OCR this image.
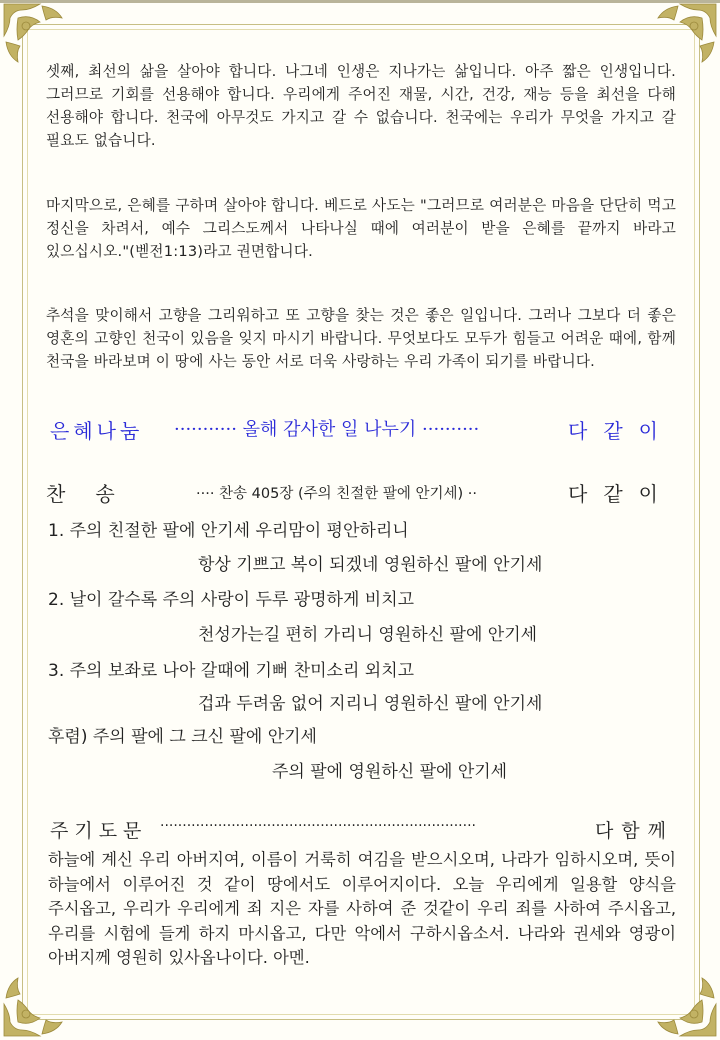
셋째, 최선의 삶을 살아야 합니다. 나그네 인생은 지나가는 삶입니다. 아주 짧은 인생입니다. 그러므로 기회를 선용해야 합니다. 우리에게 주어진 재물, 시간, 건강, 재능 등을 최선을 다해 선용해야 합니다. 천국에 아무것도 가지고 갈 수 없습니다. 천국에는 우리가 무엇을 가지고 갈 필요도 없습니다.

마지막으로, 은혜를 구하며 살아야 합니다. 베드로 사도는 "그러므로 여러분은 마음을 단단히 먹고 정신을 차려서, 예수 그리스도께서 나타나실 때에 여러분이 받을 은혜를 끝까지 바라고 있으십시오."(벧전1:13)라고 권면합니다.

추석을 맞이해서 고향을 그리워하고 또 고향을 찾는 것은 좋은 일입니다. 그러나 그보다 더 좋은 영혼의 고향인 천국이 있음을 잊지 마시기 바랍니다. 무엇보다도 모두가 힘들고 어려운 때에, 함께 천국을 바라보며 이 땅에 사는 동안 서로 더욱 사랑하는 우리 가족이 되기를 바랍니다.

은혜나눔 ··········· 올해 감사한 일 나누기 ··········	다같이
찬송	···· 찬송 405장 (주의 친절한 팔에 안기세) ··	다같이
1. 주의 친절한 팔에 안기세 우리맘이 평안하리니
항상 기쁘고 복이 되겠네 영원하신 팔에 안기세
2. 날이 갈수록 주의 사랑이 두루 광명하게 비치고
천성가는길 편히 가리니 영원하신 팔에 안기세
3. 주의 보좌로 나아 갈때에 기뻐 찬미소리 외치고
겁과 두려움 없어 지리니 영원하신 팔에 안기세
후렴) 주의 팔에 그 크신 팔에 안기세
주의 팔에 영원하신 팔에 안기세
주기도문 ·······································································	다함께

하늘에 계신 우리 아버지여, 이름이 거룩히 여김을 받으시오며, 나라가 임하시오며, 뜻이 하늘에서 이루어진 것 같이 땅에서도 이루어지이다. 오늘 우리에게 일용할 양식을 주시옵고, 우리가 우리에게 죄 지은 자를 사하여 준 것같이 우리 죄를 사하여 주시옵고, 우리를 시험에 들게 하지 마시옵고, 다만 악에서 구하시옵소서. 나라와 권세와 영광이 아버지께 영원히 있사옵나이다. 아멘.
